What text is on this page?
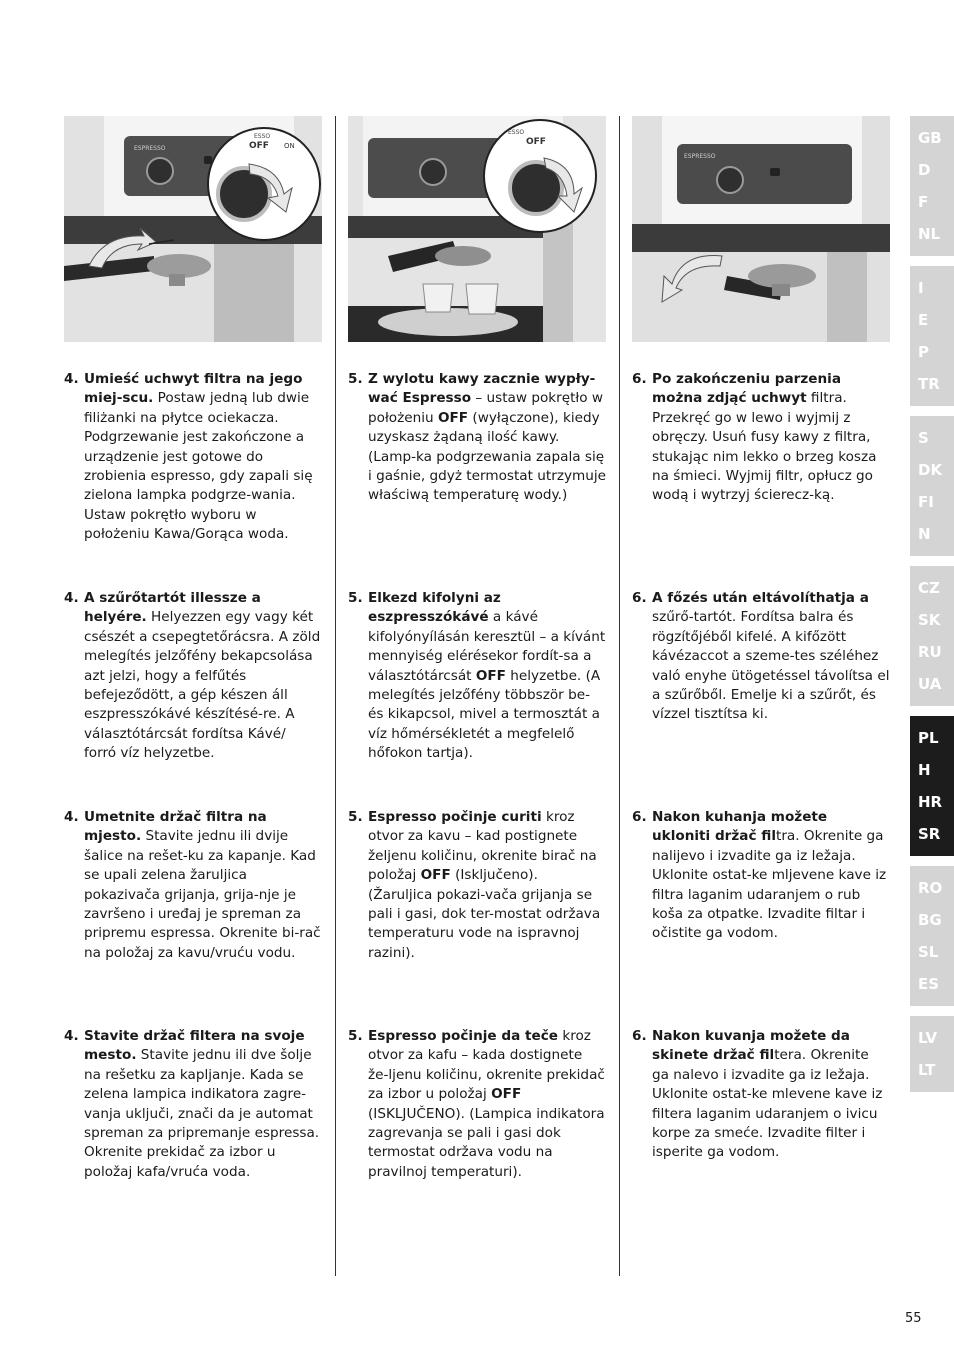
ESPRESSO	OFF ON
ESSO
OFF
ESSO
ESPRESSO
4. Umieść uchwyt filtra na jego miej-scu. Postaw jedną lub dwie filiżanki na płytce ociekacza. Podgrzewanie jest zakończone a urządzenie jest gotowe do zrobienia espresso, gdy zapali się zielona lampka podgrze-wania. Ustaw pokrętło wyboru w położeniu Kawa/Gorąca woda.
5. Z wylotu kawy zacznie wypły-wać Espresso – ustaw pokrętło w położeniu OFF (wyłączone), kiedy uzyskasz żądaną ilość kawy. (Lamp-ka podgrzewania zapala się i gaśnie, gdyż termostat utrzymuje właściwą temperaturę wody.)
6. Po zakończeniu parzenia można zdjąć uchwyt filtra. Przekręć go w lewo i wyjmij z obręczy. Usuń fusy kawy z filtra, stukając nim lekko o brzeg kosza na śmieci. Wyjmij filtr, opłucz go wodą i wytrzyj ścierecz-ką.
4. A szűrőtartót illessze a helyére. Helyezzen egy vagy két csészét a csepegtetőrácsra. A zöld melegítés jelzőfény bekapcsolása azt jelzi, hogy a felfűtés befejeződött, a gép készen áll eszpresszókávé készítésé-re. A választótárcsát fordítsa Kávé/ forró víz helyzetbe.
5. Elkezd kifolyni az eszpresszókávé a kávé kifolyónyílásán keresztül – a kívánt mennyiség elérésekor fordít-sa a választótárcsát OFF helyzetbe. (A melegítés jelzőfény többször be- és kikapcsol, mivel a termosztát a víz hőmérsékletét a megfelelő hőfokon tartja).
6. A főzés után eltávolíthatja a szűrő-tartót. Fordítsa balra és rögzítőjéből kifelé. A kifőzött kávézaccot a szeme-tes széléhez való enyhe ütögetéssel távolítsa el a szűrőből. Emelje ki a szűrőt, és vízzel tisztítsa ki.
4. Umetnite držač filtra na mjesto. Stavite jednu ili dvije šalice na rešet-ku za kapanje. Kad se upali zelena žaruljica pokazivača grijanja, grija-nje je završeno i uređaj je spreman za pripremu espressa. Okrenite bi-rač na položaj za kavu/vruću vodu.
5. Espresso počinje curiti kroz otvor za kavu – kad postignete željenu količinu, okrenite birač na položaj OFF (Isključeno). (Žaruljica pokazi-vača grijanja se pali i gasi, dok ter-mostat održava temperaturu vode na ispravnoj razini).
6. Nakon kuhanja možete ukloniti držač filtra. Okrenite ga nalijevo i izvadite ga iz ležaja. Uklonite ostat-ke mljevene kave iz filtra laganim udaranjem o rub koša za otpatke. Izvadite filtar i očistite ga vodom.
4. Stavite držač filtera na svoje mesto. Stavite jednu ili dve šolje na rešetku za kapljanje. Kada se zelena lampica indikatora zagre-vanja uključi, znači da je automat spreman za pripremanje espressa. Okrenite prekidač za izbor u položaj kafa/vruća voda.
5. Espresso počinje da teče kroz otvor za kafu – kada dostignete že-ljenu količinu, okrenite prekidač za izbor u položaj OFF (ISKLJUČENO). (Lampica indikatora zagrevanja se pali i gasi dok termostat održava vodu na pravilnoj temperaturi).
6. Nakon kuvanja možete da skinete držač filtera. Okrenite ga nalevo i izvadite ga iz ležaja. Uklonite ostat-ke mlevene kave iz filtera laganim udaranjem o ivicu korpe za smeće. Izvadite filter i isperite ga vodom.
GB
D
F
NL
I
E
P
TR
S
DK
FI
N
CZ
SK
RU
UA
PL
H
HR
SR
RO
BG
SL
ES
LV
LT
55
